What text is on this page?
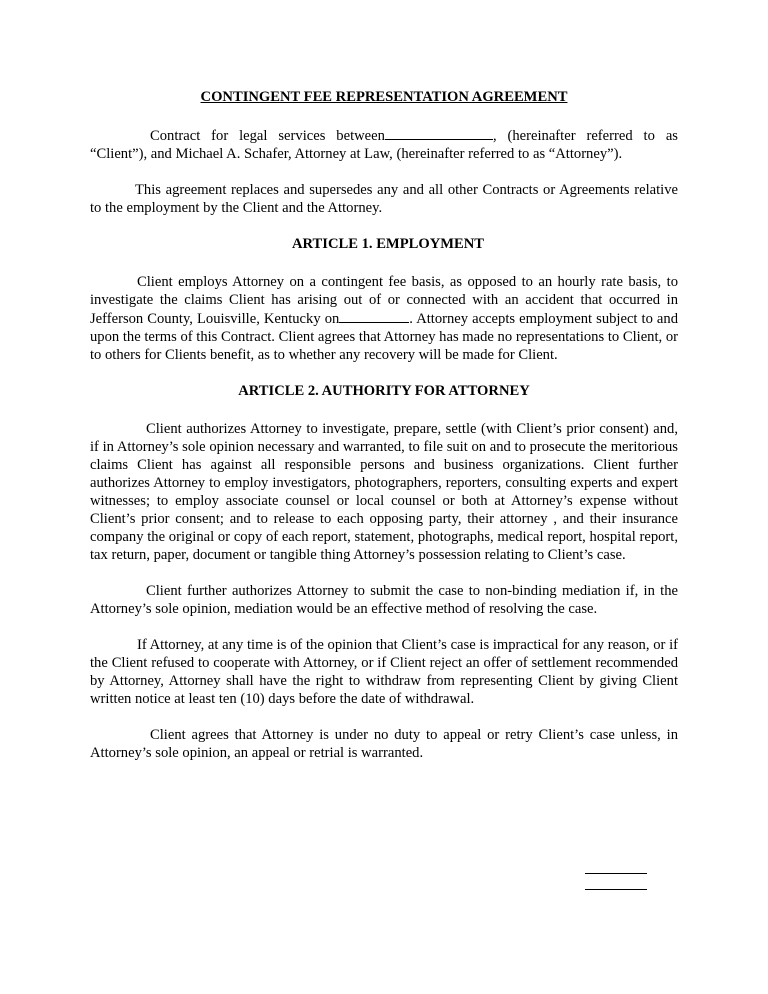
CONTINGENT FEE REPRESENTATION AGREEMENT

Contract for legal services between	, (hereinafter referred to as “Client”), and Michael A. Schafer, Attorney at Law, (hereinafter referred to as “Attorney”).

This agreement replaces and supersedes any and all other Contracts or Agreements relative to the employment by the Client and the Attorney.

ARTICLE 1. EMPLOYMENT

Client employs Attorney on a contingent fee basis, as opposed to an hourly rate basis, to investigate the claims Client has arising out of or connected with an accident that occurred in Jefferson County, Louisville, Kentucky on	. Attorney accepts employment subject to and upon the terms of this Contract. Client agrees that Attorney has made no representations to Client, or to others for Clients benefit, as to whether any recovery will be made for Client.

ARTICLE 2. AUTHORITY FOR ATTORNEY

Client authorizes Attorney to investigate, prepare, settle (with Client’s prior consent) and, if in Attorney’s sole opinion necessary and warranted, to file suit on and to prosecute the meritorious claims Client has against all responsible persons and business organizations. Client further authorizes Attorney to employ investigators, photographers, reporters, consulting experts and expert witnesses; to employ associate counsel or local counsel or both at Attorney’s expense without Client’s prior consent; and to release to each opposing party, their attorney , and their insurance company the original or copy of each report, statement, photographs, medical report, hospital report, tax return, paper, document or tangible thing Attorney’s possession relating to Client’s case.

Client further authorizes Attorney to submit the case to non-binding mediation if, in the Attorney’s sole opinion, mediation would be an effective method of resolving the case.

If Attorney, at any time is of the opinion that Client’s case is impractical for any reason, or if the Client refused to cooperate with Attorney, or if Client reject an offer of settlement recommended by Attorney, Attorney shall have the right to withdraw from representing Client by giving Client written notice at least ten (10) days before the date of withdrawal.

Client agrees that Attorney is under no duty to appeal or retry Client’s case unless, in Attorney’s sole opinion, an appeal or retrial is warranted.
